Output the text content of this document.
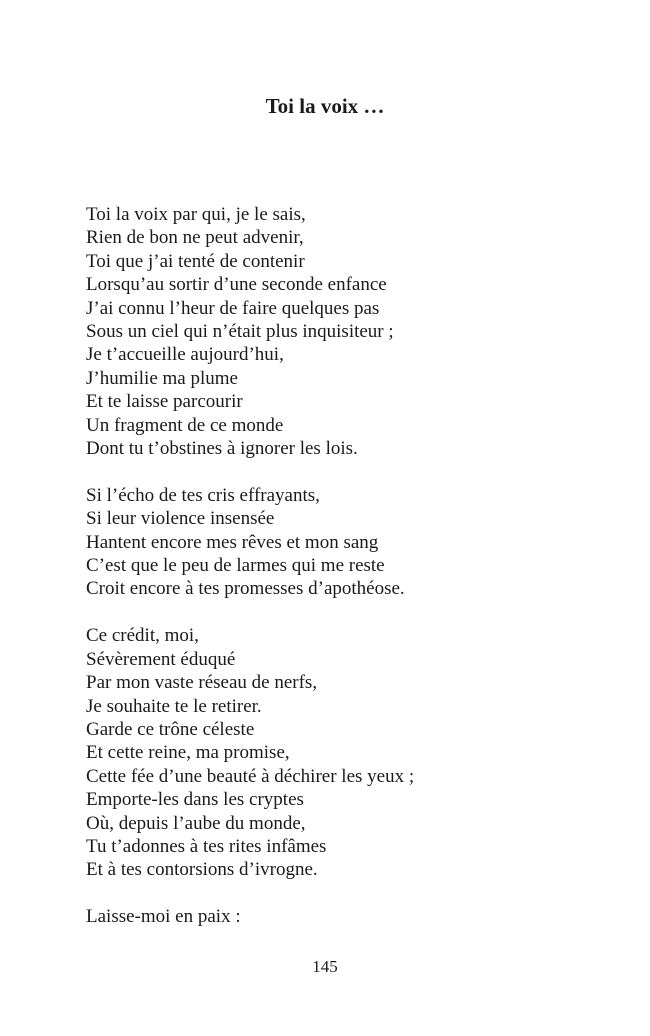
Toi la voix …
Toi la voix par qui, je le sais,
Rien de bon ne peut advenir,
Toi que j’ai tenté de contenir
Lorsqu’au sortir d’une seconde enfance
J’ai connu l’heur de faire quelques pas
Sous un ciel qui n’était plus inquisiteur ;
Je t’accueille aujourd’hui,
J’humilie ma plume
Et te laisse parcourir
Un fragment de ce monde
Dont tu t’obstines à ignorer les lois.
Si l’écho de tes cris effrayants,
Si leur violence insensée
Hantent encore mes rêves et mon sang
C’est que le peu de larmes qui me reste
Croit encore à tes promesses d’apothéose.
Ce crédit, moi,
Sévèrement éduqué
Par mon vaste réseau de nerfs,
Je souhaite te le retirer.
Garde ce trône céleste
Et cette reine, ma promise,
Cette fée d’une beauté à déchirer les yeux ;
Emporte-les dans les cryptes
Où, depuis l’aube du monde,
Tu t’adonnes à tes rites infâmes
Et à tes contorsions d’ivrogne.
Laisse-moi en paix :
145
